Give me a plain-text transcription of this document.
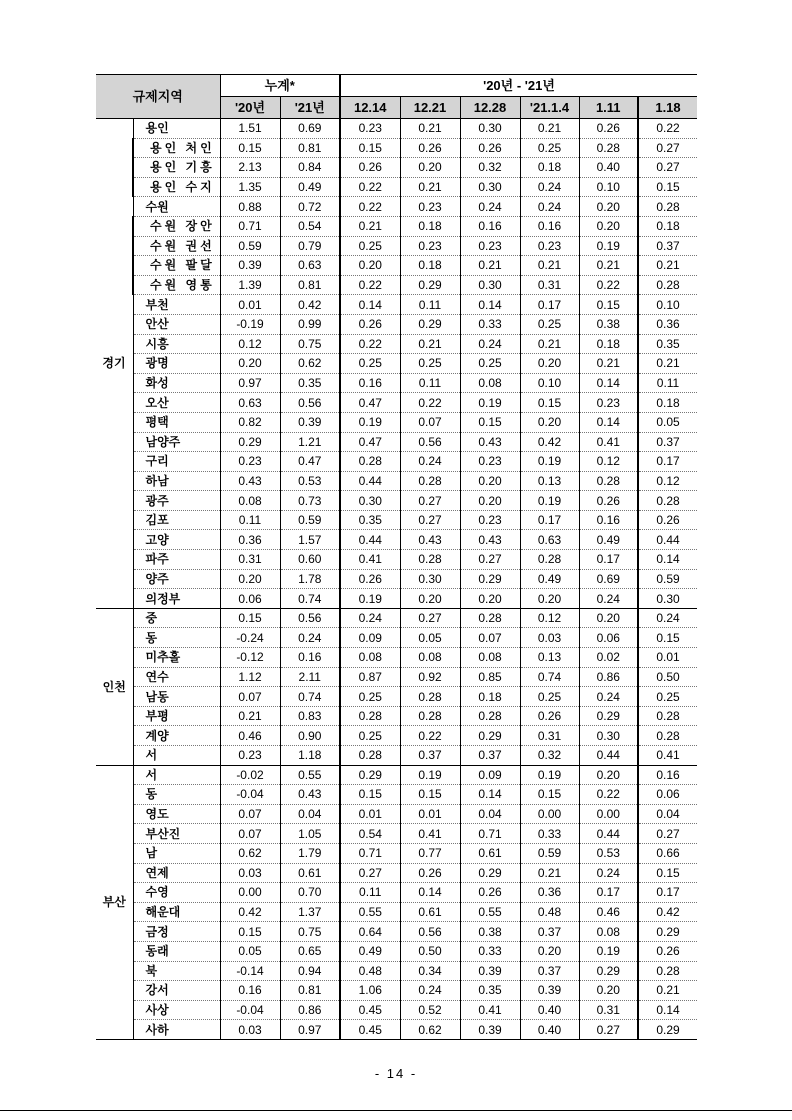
규제지역		누계*		'20년 - '21년					
		'20년	'21년	12.14	12.21	12.28	'21.1.4	1.11	1.18
경기	용인	1.51	0.69	0.23	0.21	0.30	0.21	0.26	0.22
	용인 처인	0.15	0.81	0.15	0.26	0.26	0.25	0.28	0.27
	용인 기흥	2.13	0.84	0.26	0.20	0.32	0.18	0.40	0.27
	용인 수지	1.35	0.49	0.22	0.21	0.30	0.24	0.10	0.15
	수원	0.88	0.72	0.22	0.23	0.24	0.24	0.20	0.28
	수원 장안	0.71	0.54	0.21	0.18	0.16	0.16	0.20	0.18
	수원 권선	0.59	0.79	0.25	0.23	0.23	0.23	0.19	0.37
	수원 팔달	0.39	0.63	0.20	0.18	0.21	0.21	0.21	0.21
	수원 영통	1.39	0.81	0.22	0.29	0.30	0.31	0.22	0.28
	부천	0.01	0.42	0.14	0.11	0.14	0.17	0.15	0.10
	안산	-0.19	0.99	0.26	0.29	0.33	0.25	0.38	0.36
	시흥	0.12	0.75	0.22	0.21	0.24	0.21	0.18	0.35
	광명	0.20	0.62	0.25	0.25	0.25	0.20	0.21	0.21
	화성	0.97	0.35	0.16	0.11	0.08	0.10	0.14	0.11
	오산	0.63	0.56	0.47	0.22	0.19	0.15	0.23	0.18
	평택	0.82	0.39	0.19	0.07	0.15	0.20	0.14	0.05
	남양주	0.29	1.21	0.47	0.56	0.43	0.42	0.41	0.37
	구리	0.23	0.47	0.28	0.24	0.23	0.19	0.12	0.17
	하남	0.43	0.53	0.44	0.28	0.20	0.13	0.28	0.12
	광주	0.08	0.73	0.30	0.27	0.20	0.19	0.26	0.28
	김포	0.11	0.59	0.35	0.27	0.23	0.17	0.16	0.26
	고양	0.36	1.57	0.44	0.43	0.43	0.63	0.49	0.44
	파주	0.31	0.60	0.41	0.28	0.27	0.28	0.17	0.14
	양주	0.20	1.78	0.26	0.30	0.29	0.49	0.69	0.59
	의정부	0.06	0.74	0.19	0.20	0.20	0.20	0.24	0.30
인천	중	0.15	0.56	0.24	0.27	0.28	0.12	0.20	0.24
	동	-0.24	0.24	0.09	0.05	0.07	0.03	0.06	0.15
	미추홀	-0.12	0.16	0.08	0.08	0.08	0.13	0.02	0.01
	연수	1.12	2.11	0.87	0.92	0.85	0.74	0.86	0.50
	남동	0.07	0.74	0.25	0.28	0.18	0.25	0.24	0.25
	부평	0.21	0.83	0.28	0.28	0.28	0.26	0.29	0.28
	계양	0.46	0.90	0.25	0.22	0.29	0.31	0.30	0.28
	서	0.23	1.18	0.28	0.37	0.37	0.32	0.44	0.41
부산	서	-0.02	0.55	0.29	0.19	0.09	0.19	0.20	0.16
	동	-0.04	0.43	0.15	0.15	0.14	0.15	0.22	0.06
	영도	0.07	0.04	0.01	0.01	0.04	0.00	0.00	0.04
	부산진	0.07	1.05	0.54	0.41	0.71	0.33	0.44	0.27
	남	0.62	1.79	0.71	0.77	0.61	0.59	0.53	0.66
	연제	0.03	0.61	0.27	0.26	0.29	0.21	0.24	0.15
	수영	0.00	0.70	0.11	0.14	0.26	0.36	0.17	0.17
	해운대	0.42	1.37	0.55	0.61	0.55	0.48	0.46	0.42
	금정	0.15	0.75	0.64	0.56	0.38	0.37	0.08	0.29
	동래	0.05	0.65	0.49	0.50	0.33	0.20	0.19	0.26
	북	-0.14	0.94	0.48	0.34	0.39	0.37	0.29	0.28
	강서	0.16	0.81	1.06	0.24	0.35	0.39	0.20	0.21
	사상	-0.04	0.86	0.45	0.52	0.41	0.40	0.31	0.14
	사하	0.03	0.97	0.45	0.62	0.39	0.40	0.27	0.29
- 14 -
